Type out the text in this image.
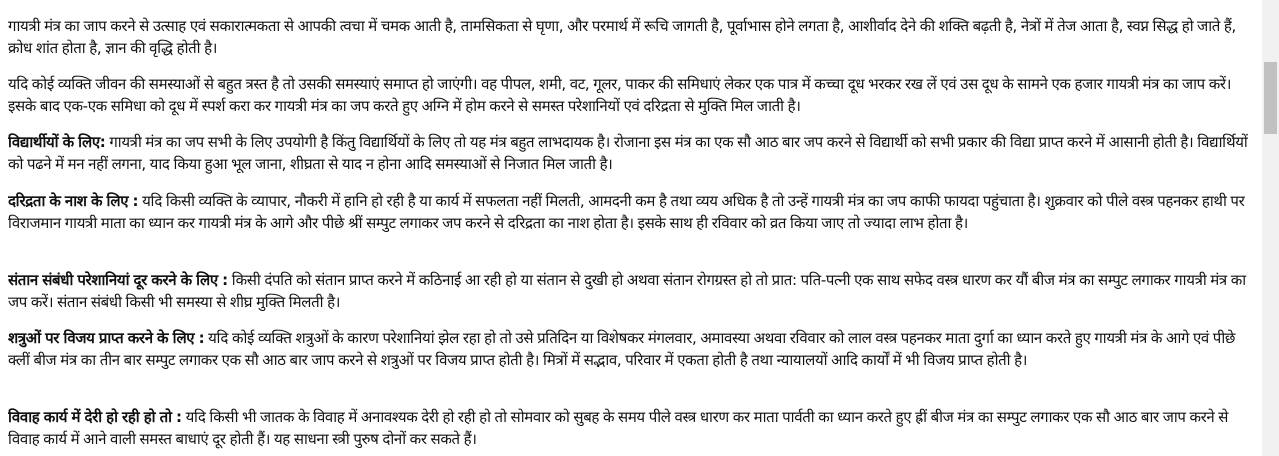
गायत्री मंत्र का जाप करने से उत्साह एवं सकारात्मकता से आपकी त्वचा में चमक आती है, तामसिकता से घृणा, और परमार्थ में रूचि जागती है, पूर्वाभास होने लगता है, आशीर्वाद देने की शक्ति बढ़ती है, नेत्रों में तेज आता है, स्वप्न सिद्ध हो जाते हैं, क्रोध शांत होता है, ज्ञान की वृद्धि होती है।

यदि कोई व्यक्ति जीवन की समस्याओं से बहुत त्रस्त है तो उसकी समस्याएं समाप्त हो जाएंगी। वह पीपल, शमी, वट, गूलर, पाकर की समिधाएं लेकर एक पात्र में कच्चा दूध भरकर रख लें एवं उस दूध के सामने एक हजार गायत्री मंत्र का जाप करें। इसके बाद एक-एक समिधा को दूध में स्पर्श करा कर गायत्री मंत्र का जप करते हुए अग्नि में होम करने से समस्त परेशानियों एवं दरिद्रता से मुक्ति मिल जाती है।

विद्यार्थीयों के लिए: गायत्री मंत्र का जप सभी के लिए उपयोगी है किंतु विद्यार्थियों के लिए तो यह मंत्र बहुत लाभदायक है। रोजाना इस मंत्र का एक सौ आठ बार जप करने से विद्यार्थी को सभी प्रकार की विद्या प्राप्त करने में आसानी होती है। विद्यार्थियों को पढने में मन नहीं लगना, याद किया हुआ भूल जाना, शीघ्रता से याद न होना आदि समस्याओं से निजात मिल जाती है।

दरिद्रता के नाश के लिए : यदि किसी व्यक्ति के व्यापार, नौकरी में हानि हो रही है या कार्य में सफलता नहीं मिलती, आमदनी कम है तथा व्यय अधिक है तो उन्हें गायत्री मंत्र का जप काफी फायदा पहुंचाता है। शुक्रवार को पीले वस्त्र पहनकर हाथी पर विराजमान गायत्री माता का ध्यान कर गायत्री मंत्र के आगे और पीछे श्रीं सम्पुट लगाकर जप करने से दरिद्रता का नाश होता है। इसके साथ ही रविवार को व्रत किया जाए तो ज्यादा लाभ होता है।

संतान संबंधी परेशानियां दूर करने के लिए : किसी दंपति को संतान प्राप्त करने में कठिनाई आ रही हो या संतान से दुखी हो अथवा संतान रोगग्रस्त हो तो प्रात: पति-पत्नी एक साथ सफेद वस्त्र धारण कर यौं बीज मंत्र का सम्पुट लगाकर गायत्री मंत्र का जप करें। संतान संबंधी किसी भी समस्या से शीघ्र मुक्ति मिलती है।

शत्रुओं पर विजय प्राप्त करने के लिए : यदि कोई व्यक्ति शत्रुओं के कारण परेशानियां झेल रहा हो तो उसे प्रतिदिन या विशेषकर मंगलवार, अमावस्या अथवा रविवार को लाल वस्त्र पहनकर माता दुर्गा का ध्यान करते हुए गायत्री मंत्र के आगे एवं पीछे क्लीं बीज मंत्र का तीन बार सम्पुट लगाकर एक सौ आठ बार जाप करने से शत्रुओं पर विजय प्राप्त होती है। मित्रों में सद्भाव, परिवार में एकता होती है तथा न्यायालयों आदि कार्यों में भी विजय प्राप्त होती है।

विवाह कार्य में देरी हो रही हो तो : यदि किसी भी जातक के विवाह में अनावश्यक देरी हो रही हो तो सोमवार को सुबह के समय पीले वस्त्र धारण कर माता पार्वती का ध्यान करते हुए ह्रीं बीज मंत्र का सम्पुट लगाकर एक सौ आठ बार जाप करने से विवाह कार्य में आने वाली समस्त बाधाएं दूर होती हैं। यह साधना स्त्री पुरुष दोनों कर सकते हैं।
